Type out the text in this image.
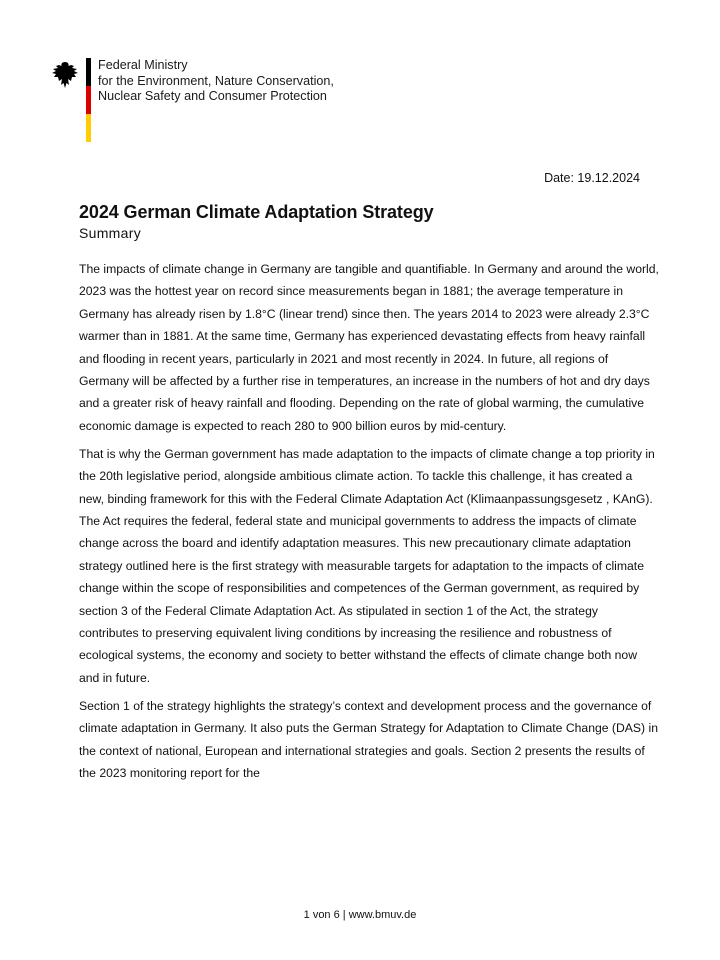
Federal Ministry
for the Environment, Nature Conservation,
Nuclear Safety and Consumer Protection
Date: 19.12.2024
2024 German Climate Adaptation Strategy
Summary

The impacts of climate change in Germany are tangible and quantifiable. In Germany and around the world, 2023 was the hottest year on record since measurements began in 1881; the average temperature in Germany has already risen by 1.8°C (linear trend) since then. The years 2014 to 2023 were already 2.3°C warmer than in 1881. At the same time, Germany has experienced devastating effects from heavy rainfall and flooding in recent years, particularly in 2021 and most recently in 2024. In future, all regions of Germany will be affected by a further rise in temperatures, an increase in the numbers of hot and dry days and a greater risk of heavy rainfall and flooding. Depending on the rate of global warming, the cumulative economic damage is expected to reach 280 to 900 billion euros by mid-century.

That is why the German government has made adaptation to the impacts of climate change a top priority in the 20th legislative period, alongside ambitious climate action. To tackle this challenge, it has created a new, binding framework for this with the Federal Climate Adaptation Act (Klimaanpassungsgesetz , KAnG). The Act requires the federal, federal state and municipal governments to address the impacts of climate change across the board and identify adaptation measures. This new precautionary climate adaptation strategy outlined here is the first strategy with measurable targets for adaptation to the impacts of climate change within the scope of responsibilities and competences of the German government, as required by section 3 of the Federal Climate Adaptation Act. As stipulated in section 1 of the Act, the strategy contributes to preserving equivalent living conditions by increasing the resilience and robustness of ecological systems, the economy and society to better withstand the effects of climate change both now and in future.

Section 1 of the strategy highlights the strategy’s context and development process and the governance of climate adaptation in Germany. It also puts the German Strategy for Adaptation to Climate Change (DAS) in the context of national, European and international strategies and goals. Section 2 presents the results of the 2023 monitoring report for the

1 von 6 | www.bmuv.de
